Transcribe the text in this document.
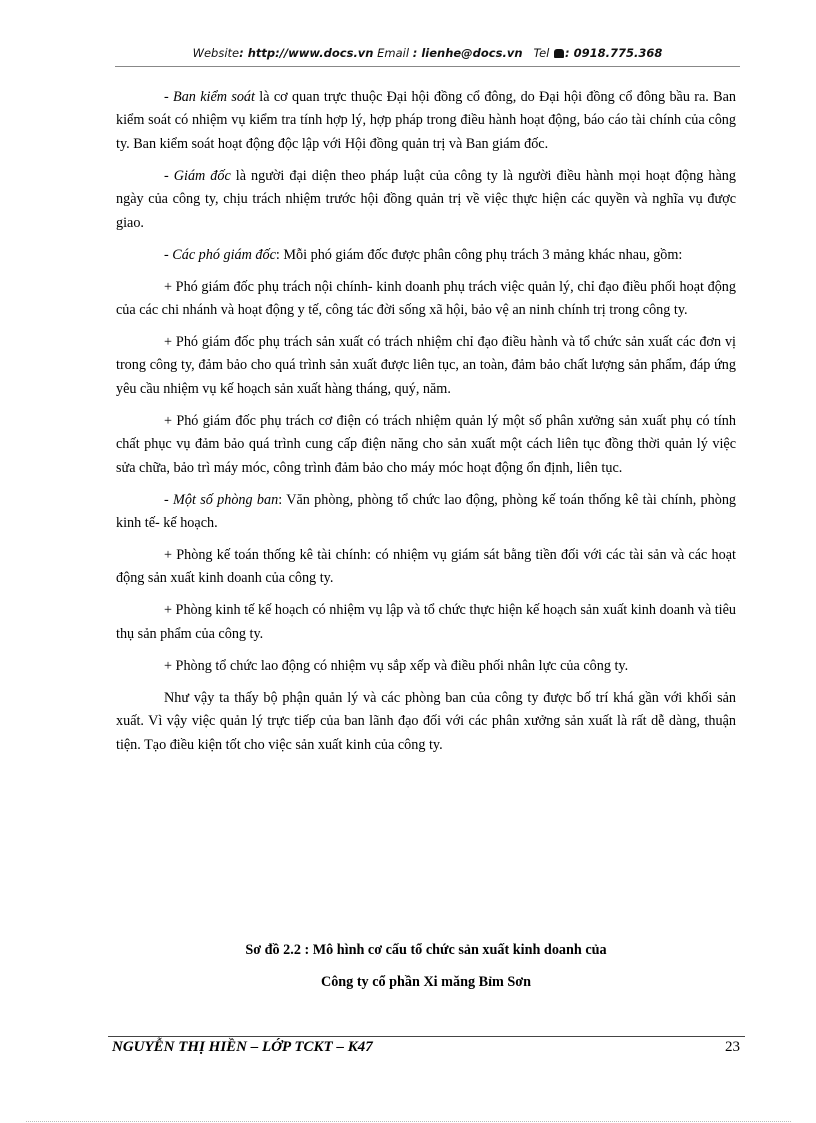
Website: http://www.docs.vn Email : lienhe@docs.vn Tel : 0918.775.368

- Ban kiểm soát là cơ quan trực thuộc Đại hội đồng cổ đông, do Đại hội đồng cổ đông bầu ra. Ban kiểm soát có nhiệm vụ kiểm tra tính hợp lý, hợp pháp trong điều hành hoạt động, báo cáo tài chính của công ty. Ban kiểm soát hoạt động độc lập với Hội đồng quản trị và Ban giám đốc.

- Giám đốc là người đại diện theo pháp luật của công ty là người điều hành mọi hoạt động hàng ngày của công ty, chịu trách nhiệm trước hội đồng quản trị về việc thực hiện các quyền và nghĩa vụ được giao.

- Các phó giám đốc: Mỗi phó giám đốc được phân công phụ trách 3 mảng khác nhau, gồm:

+ Phó giám đốc phụ trách nội chính- kinh doanh phụ trách việc quản lý, chỉ đạo điều phối hoạt động của các chi nhánh và hoạt động y tế, công tác đời sống xã hội, bảo vệ an ninh chính trị trong công ty.

+ Phó giám đốc phụ trách sản xuất có trách nhiệm chỉ đạo điều hành và tổ chức sản xuất các đơn vị trong công ty, đảm bảo cho quá trình sản xuất được liên tục, an toàn, đảm bảo chất lượng sản phẩm, đáp ứng yêu cầu nhiệm vụ kế hoạch sản xuất hàng tháng, quý, năm.

+ Phó giám đốc phụ trách cơ điện có trách nhiệm quản lý một số phân xưởng sản xuất phụ có tính chất phục vụ đảm bảo quá trình cung cấp điện năng cho sản xuất một cách liên tục đồng thời quản lý việc sửa chữa, bảo trì máy móc, công trình đảm bảo cho máy móc hoạt động ổn định, liên tục.

- Một số phòng ban: Văn phòng, phòng tổ chức lao động, phòng kế toán thống kê tài chính, phòng kinh tế- kế hoạch.

+ Phòng kế toán thống kê tài chính: có nhiệm vụ giám sát bằng tiền đối với các tài sản và các hoạt động sản xuất kinh doanh của công ty.

+ Phòng kinh tế kế hoạch có nhiệm vụ lập và tổ chức thực hiện kế hoạch sản xuất kinh doanh và tiêu thụ sản phẩm của công ty.

+ Phòng tổ chức lao động có nhiệm vụ sắp xếp và điều phối nhân lực của công ty.

Như vậy ta thấy bộ phận quản lý và các phòng ban của công ty được bố trí khá gần với khối sản xuất. Vì vậy việc quản lý trực tiếp của ban lãnh đạo đối với các phân xưởng sản xuất là rất dễ dàng, thuận tiện. Tạo điều kiện tốt cho việc sản xuất kinh của công ty.

Sơ đồ 2.2 : Mô hình cơ cấu tổ chức sản xuất kinh doanh của
Công ty cổ phần Xi măng Bỉm Sơn
NGUYỄN THỊ HIỀN – LỚP TCKT – K47	23
